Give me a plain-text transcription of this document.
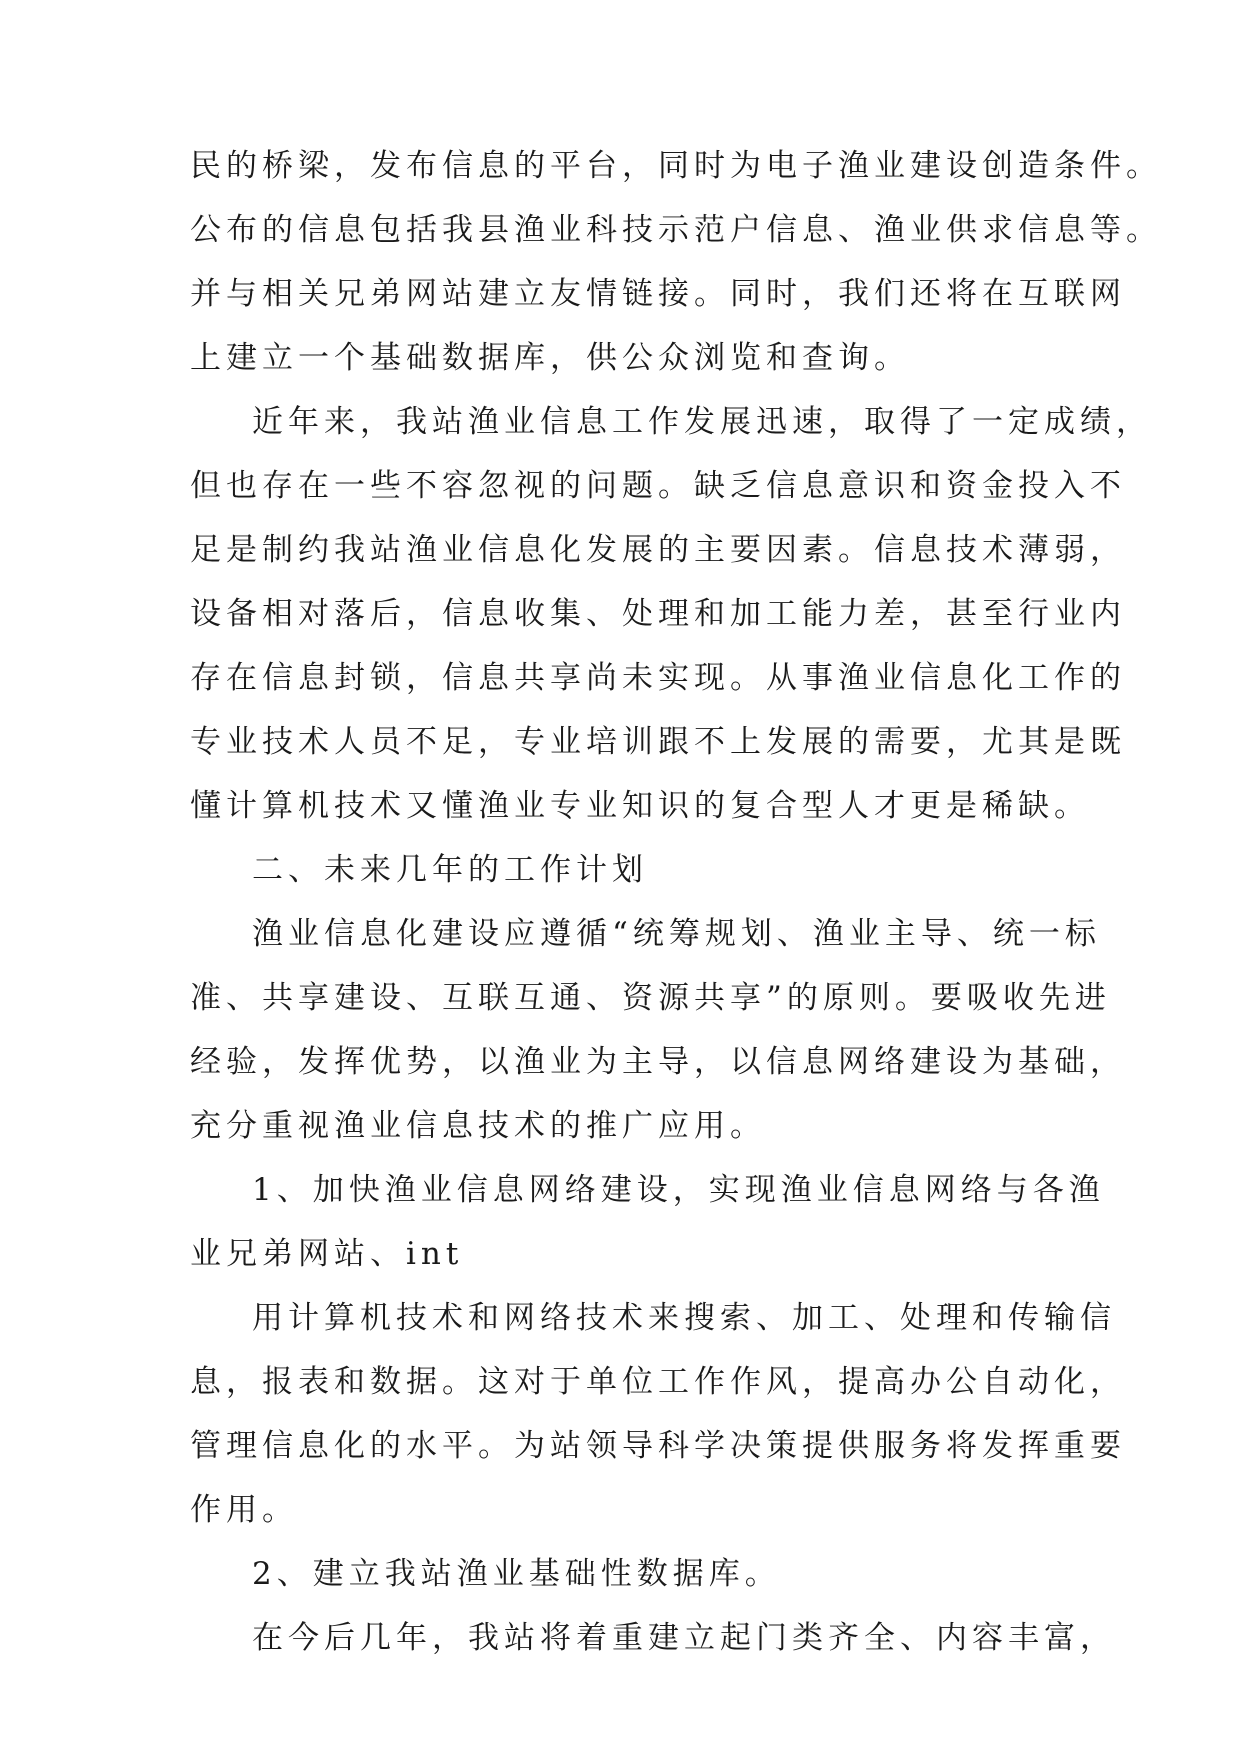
民的桥梁，发布信息的平台，同时为电子渔业建设创造条件。
公布的信息包括我县渔业科技示范户信息、渔业供求信息等。
并与相关兄弟网站建立友情链接。同时，我们还将在互联网
上建立一个基础数据库，供公众浏览和查询。
近年来，我站渔业信息工作发展迅速，取得了一定成绩，
但也存在一些不容忽视的问题。缺乏信息意识和资金投入不
足是制约我站渔业信息化发展的主要因素。信息技术薄弱，
设备相对落后，信息收集、处理和加工能力差，甚至行业内
存在信息封锁，信息共享尚未实现。从事渔业信息化工作的
专业技术人员不足，专业培训跟不上发展的需要，尤其是既
懂计算机技术又懂渔业专业知识的复合型人才更是稀缺。
二、未来几年的工作计划
渔业信息化建设应遵循“统筹规划、渔业主导、统一标
准、共享建设、互联互通、资源共享”的原则。要吸收先进
经验，发挥优势，以渔业为主导，以信息网络建设为基础，
充分重视渔业信息技术的推广应用。
1、加快渔业信息网络建设，实现渔业信息网络与各渔
业兄弟网站、int
用计算机技术和网络技术来搜索、加工、处理和传输信
息，报表和数据。这对于单位工作作风，提高办公自动化，
管理信息化的水平。为站领导科学决策提供服务将发挥重要
作用。
2、建立我站渔业基础性数据库。
在今后几年，我站将着重建立起门类齐全、内容丰富，
